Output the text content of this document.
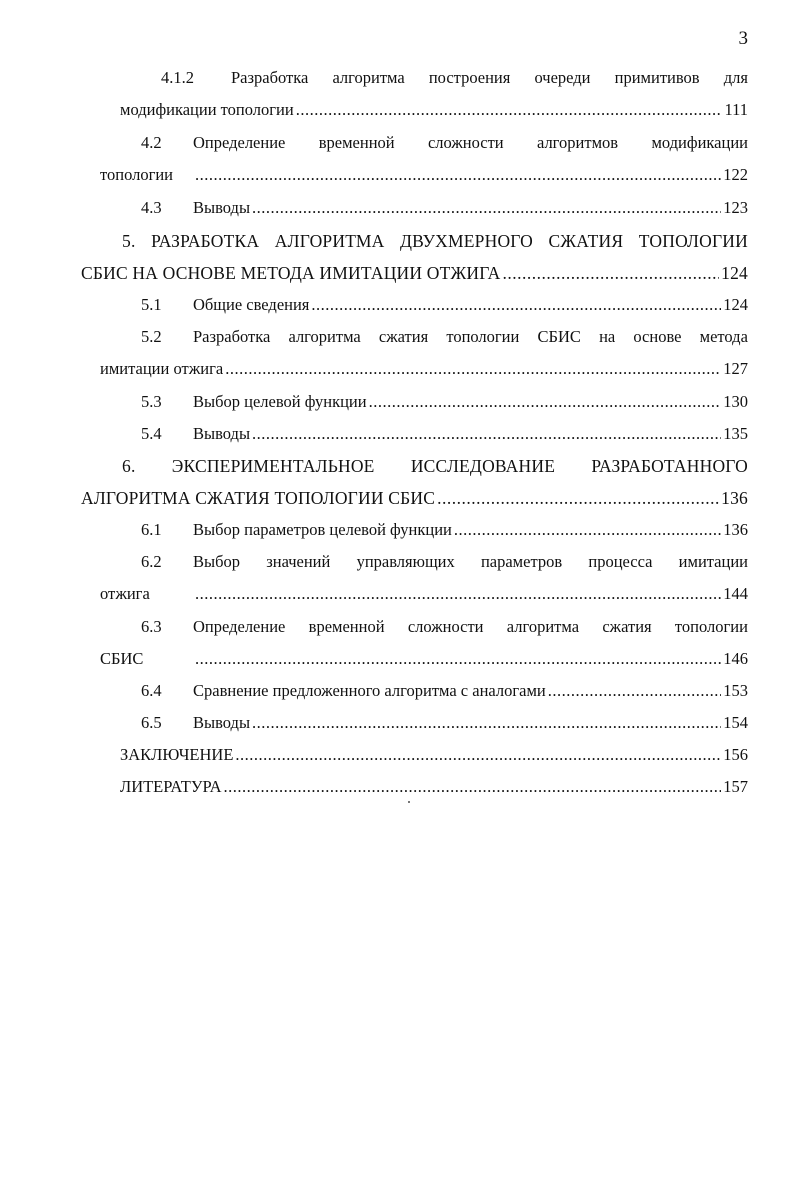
3
4.1.2 Разработка алгоритма построения очереди примитивов для
модификации топологии .....	111
4.2 Определение временной сложности алгоритмов модификации
топологии .....	122
4.3 Выводы .....	123
5. РАЗРАБОТКА АЛГОРИТМА ДВУХМЕРНОГО СЖАТИЯ ТОПОЛОГИИ
СБИС НА ОСНОВЕ МЕТОДА ИМИТАЦИИ ОТЖИГА .....	124
5.1 Общие сведения .....	124
5.2 Разработка алгоритма сжатия топологии СБИС на основе метода
имитации отжига .....	127
5.3 Выбор целевой функции .....	130
5.4 Выводы .....	135
6. ЭКСПЕРИМЕНТАЛЬНОЕ ИССЛЕДОВАНИЕ РАЗРАБОТАННОГО
АЛГОРИТМА СЖАТИЯ ТОПОЛОГИИ СБИС .....	136
6.1 Выбор параметров целевой функции .....	136
6.2 Выбор значений управляющих параметров процесса имитации
отжига .....	144
6.3 Определение временной сложности алгоритма сжатия топологии
СБИС .....	146
6.4 Сравнение предложенного алгоритма с аналогами .....	153
6.5 Выводы .....	154
ЗАКЛЮЧЕНИЕ .....	156
ЛИТЕРАТУРА .....	157
